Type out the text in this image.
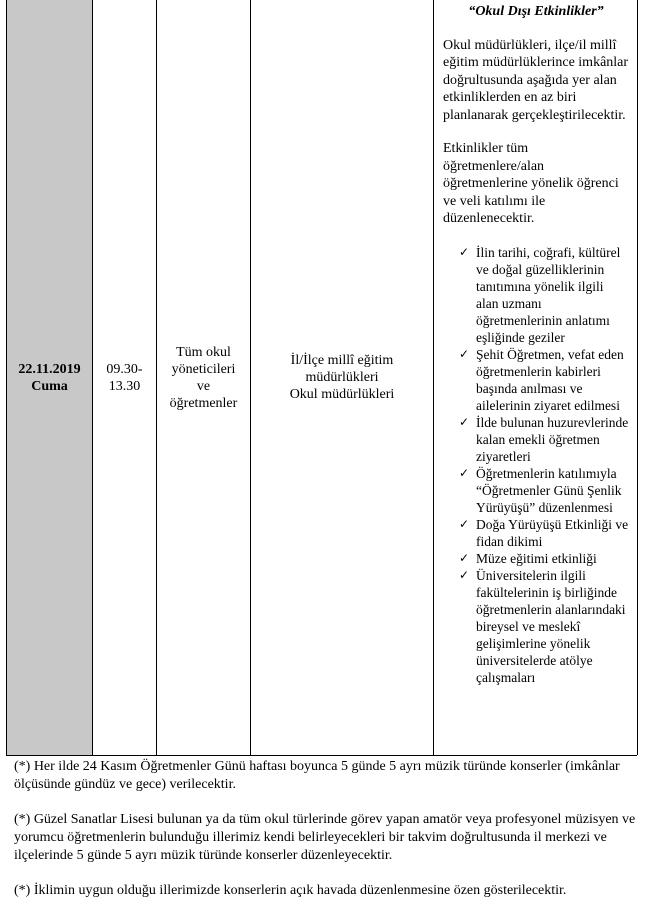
22.11.2019
Cuma
09.30-
13.30
Tüm okul
yöneticileri
ve
öğretmenler
İl/İlçe millî eğitim
müdürlükleri
Okul müdürlükleri

“Okul Dışı Etkinlikler”

Okul müdürlükleri, ilçe/il millî eğitim müdürlüklerince imkânlar doğrultusunda aşağıda yer alan etkinliklerden en az biri planlanarak gerçekleştirilecektir.

Etkinlikler tüm öğretmenlere/alan öğretmenlerine yönelik öğrenci ve veli katılımı ile düzenlenecektir.

✓ İlin tarihi, coğrafi, kültürel ve doğal güzelliklerinin tanıtımına yönelik ilgili alan uzmanı öğretmenlerinin anlatımı eşliğinde geziler
✓ Şehit Öğretmen, vefat eden öğretmenlerin kabirleri başında anılması ve ailelerinin ziyaret edilmesi
✓ İlde bulunan huzurevlerinde kalan emekli öğretmen ziyaretleri
✓ Öğretmenlerin katılımıyla “Öğretmenler Günü Şenlik Yürüyüşü” düzenlenmesi
✓ Doğa Yürüyüşü Etkinliği ve fidan dikimi
✓ Müze eğitimi etkinliği
✓ Üniversitelerin ilgili fakültelerinin iş birliğinde öğretmenlerin alanlarındaki bireysel ve meslekî gelişimlerine yönelik üniversitelerde atölye çalışmaları

(*) Her ilde 24 Kasım Öğretmenler Günü haftası boyunca 5 günde 5 ayrı müzik türünde konserler (imkânlar ölçüsünde gündüz ve gece) verilecektir.

(*) Güzel Sanatlar Lisesi bulunan ya da tüm okul türlerinde görev yapan amatör veya profesyonel müzisyen ve yorumcu öğretmenlerin bulunduğu illerimiz kendi belirleyecekleri bir takvim doğrultusunda il merkezi ve ilçelerinde 5 günde 5 ayrı müzik türünde konserler düzenleyecektir.

(*) İklimin uygun olduğu illerimizde konserlerin açık havada düzenlenmesine özen gösterilecektir.
